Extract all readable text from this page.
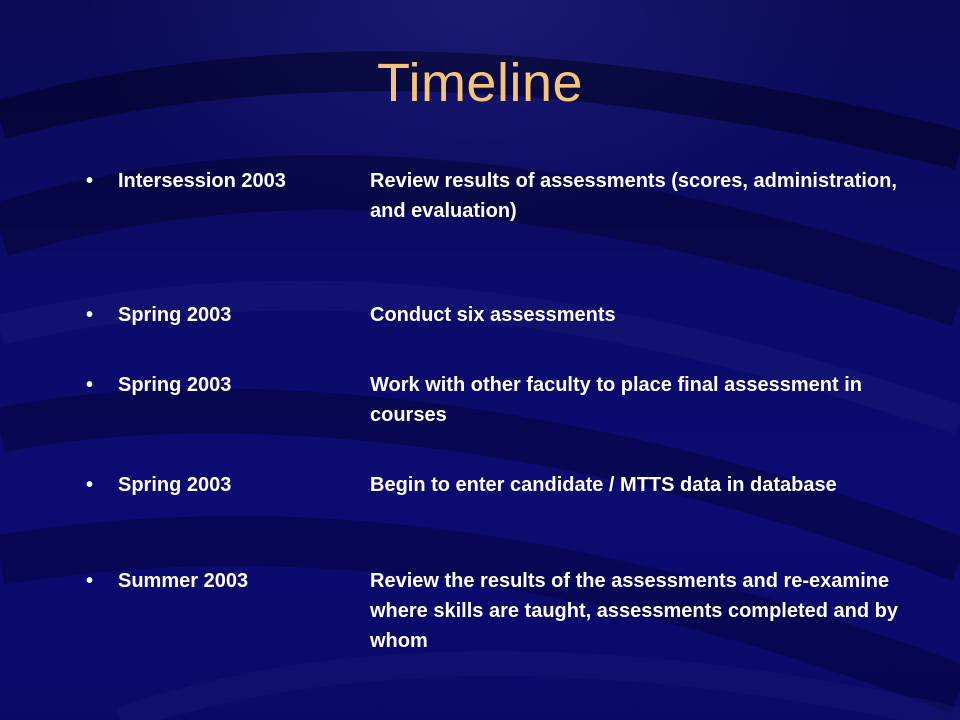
Timeline
• Intersession 2003	Review results of assessments (scores, administration, and evaluation)
• Spring 2003	Conduct six assessments
• Spring 2003	Work with other faculty to place final assessment in courses
• Spring 2003	Begin to enter candidate / MTTS data in database
• Summer 2003	Review the results of the assessments and re-examine where skills are taught, assessments completed and by whom
